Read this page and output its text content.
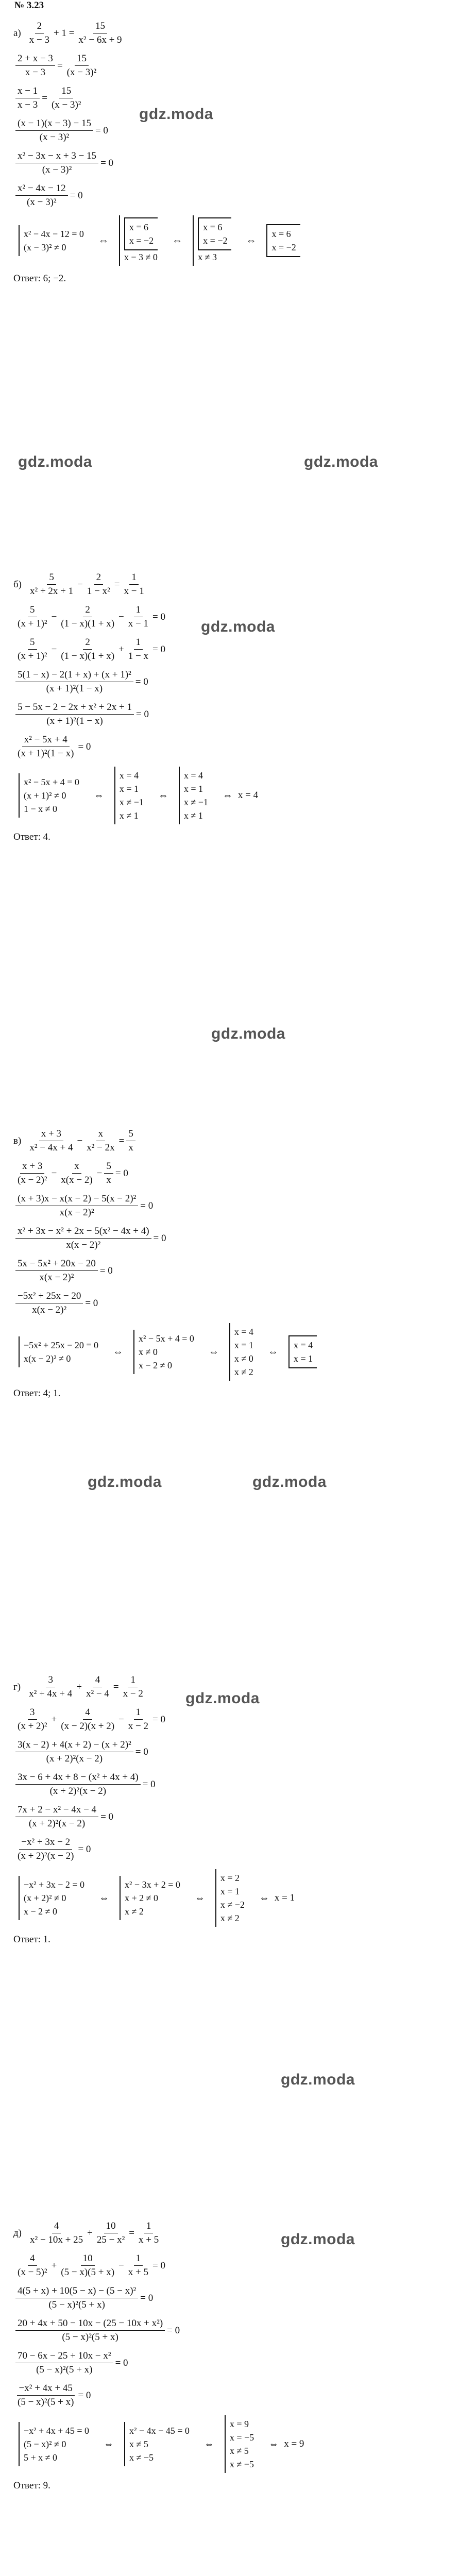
№ 3.23
$а) \frac{2}{x - 3} + 1 = \frac{15}{\text{x² − 6x + 9}}$
$\frac{2 + x - 3}{x - 3} = \frac{15}{\text{(x − 3)²}}$
$\frac{x - 1}{x - 3} = \frac{15}{\text{(x − 3)²}}$
$\frac{(x - 1)(x - 3) - 15}{\text{(x − 3)²}} = 0$
$\frac{\text{x² − 3x − x + 3 − 15}}{\text{(x − 3)²}} = 0$
$\frac{\text{x² − 4x − 12}}{\text{(x − 3)²}} = 0$
x² − 4x − 12 = 0
(x − 3)² ≠ 0
⇔
x = 6
x = −2
x − 3 ≠ 0
⇔
x = 6
x = −2
x ≠ 3
⇔
x = 6
x = −2
Ответ: 6; −2.
$б) \frac{5}{\text{x² + 2x + 1}} - \frac{2}{\text{1 − x²}} = \frac{1}{x - 1}$
$\frac{5}{\text{(x + 1)²}} - \frac{2}{(1 - x)(1 + x)} - \frac{1}{x - 1} = 0$
$\frac{5}{\text{(x + 1)²}} - \frac{2}{(1 - x)(1 + x)} + \frac{1}{1 - x} = 0$
$\frac{\text{5(1 − x) − 2(1 + x) + (x + 1)²}}{\text{(x + 1)²(1 − x)}} = 0$
$\frac{\text{5 − 5x − 2 − 2x + x² + 2x + 1}}{\text{(x + 1)²(1 − x)}} = 0$
$\frac{\text{x² − 5x + 4}}{\text{(x + 1)²(1 − x)}} = 0$
x² − 5x + 4 = 0
(x + 1)² ≠ 0
1 − x ≠ 0
⇔
x = 4
x = 1
x ≠ −1
x ≠ 1
⇔
x = 4
x = 1
x ≠ −1
x ≠ 1
⇔ x = 4
Ответ: 4.
$в) \frac{x + 3}{\text{x² − 4x + 4}} - \frac{x}{\text{x² − 2x}} = \frac{5}{x}$
$\frac{x + 3}{\text{(x − 2)²}} - \frac{x}{x(x - 2)} - \frac{5}{x} = 0$
$\frac{\text{(x + 3)x − x(x − 2) − 5(x − 2)²}}{\text{x(x − 2)²}} = 0$
$\frac{\text{x² + 3x − x² + 2x − 5(x² − 4x + 4)}}{\text{x(x − 2)²}} = 0$
$\frac{\text{5x − 5x² + 20x − 20}}{\text{x(x − 2)²}} = 0$
$\frac{\text{−5x² + 25x − 20}}{\text{x(x − 2)²}} = 0$
−5x² + 25x − 20 = 0
x(x − 2)² ≠ 0
⇔
x² − 5x + 4 = 0
x ≠ 0
x − 2 ≠ 0
⇔
x = 4
x = 1
x ≠ 0
x ≠ 2
⇔
x = 4
x = 1
Ответ: 4; 1.
$г) \frac{3}{\text{x² + 4x + 4}} + \frac{4}{\text{x² − 4}} = \frac{1}{x - 2}$
$\frac{3}{\text{(x + 2)²}} + \frac{4}{(x - 2)(x + 2)} - \frac{1}{x - 2} = 0$
$\frac{\text{3(x − 2) + 4(x + 2) − (x + 2)²}}{\text{(x + 2)²(x − 2)}} = 0$
$\frac{\text{3x − 6 + 4x + 8 − (x² + 4x + 4)}}{\text{(x + 2)²(x − 2)}} = 0$
$\frac{\text{7x + 2 − x² − 4x − 4}}{\text{(x + 2)²(x − 2)}} = 0$
$\frac{\text{−x² + 3x − 2}}{\text{(x + 2)²(x − 2)}} = 0$
−x² + 3x − 2 = 0
(x + 2)² ≠ 0
x − 2 ≠ 0
⇔
x² − 3x + 2 = 0
x + 2 ≠ 0
x ≠ 2
⇔
x = 2
x = 1
x ≠ −2
x ≠ 2
⇔ x = 1
Ответ: 1.
$д) \frac{4}{\text{x² − 10x + 25}} + \frac{10}{\text{25 − x²}} = \frac{1}{x + 5}$
$\frac{4}{\text{(x − 5)²}} + \frac{10}{(5 - x)(5 + x)} - \frac{1}{x + 5} = 0$
$\frac{\text{4(5 + x) + 10(5 − x) − (5 − x)²}}{\text{(5 − x)²(5 + x)}} = 0$
$\frac{\text{20 + 4x + 50 − 10x − (25 − 10x + x²)}}{\text{(5 − x)²(5 + x)}} = 0$
$\frac{\text{70 − 6x − 25 + 10x − x²}}{\text{(5 − x)²(5 + x)}} = 0$
$\frac{\text{−x² + 4x + 45}}{\text{(5 − x)²(5 + x)}} = 0$
−x² + 4x + 45 = 0
(5 − x)² ≠ 0
5 + x ≠ 0
⇔
x² − 4x − 45 = 0
x ≠ 5
x ≠ −5
⇔
x = 9
x = −5
x ≠ 5
x ≠ −5
⇔ x = 9
Ответ: 9.
gdz.moda
gdz.moda	gdz.moda
gdz.moda
gdz.moda
gdz.moda	gdz.moda
gdz.moda
gdz.moda
gdz.moda
